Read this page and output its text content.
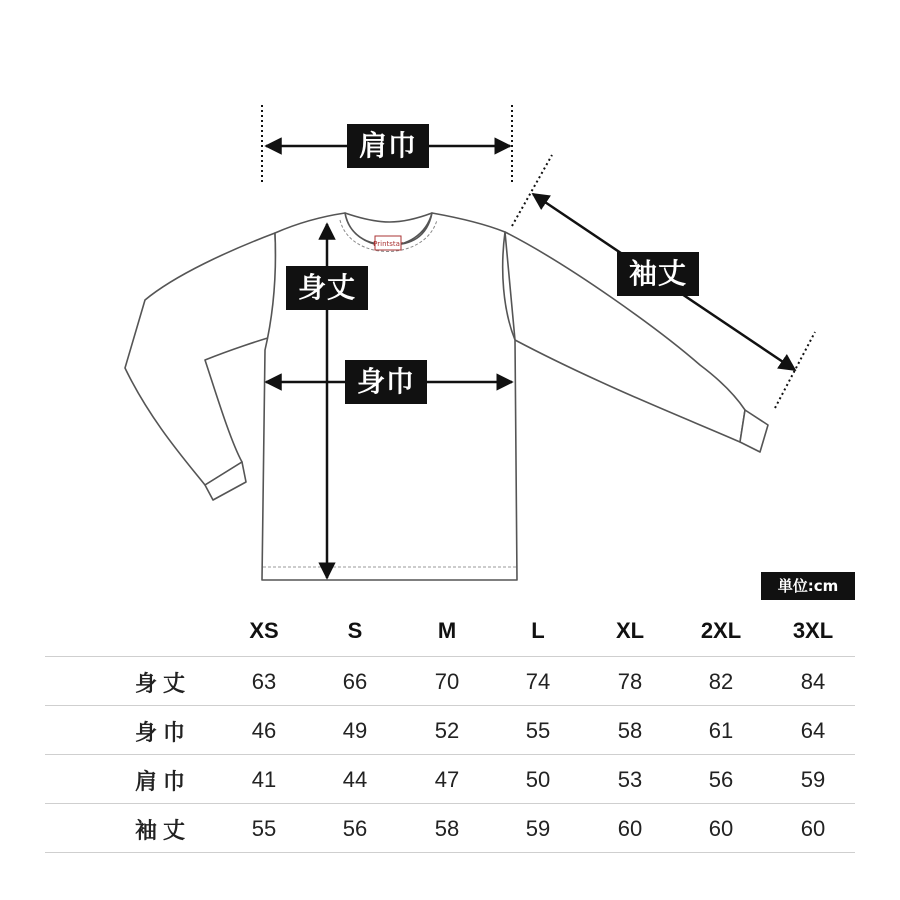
Printstar
肩巾
身丈
身巾
袖丈
単位:cm
XS	S	M	L	XL	2XL	3XL
身丈	63	66	70	74	78	82	84
身巾	46	49	52	55	58	61	64
肩巾	41	44	47	50	53	56	59
袖丈	55	56	58	59	60	60	60
